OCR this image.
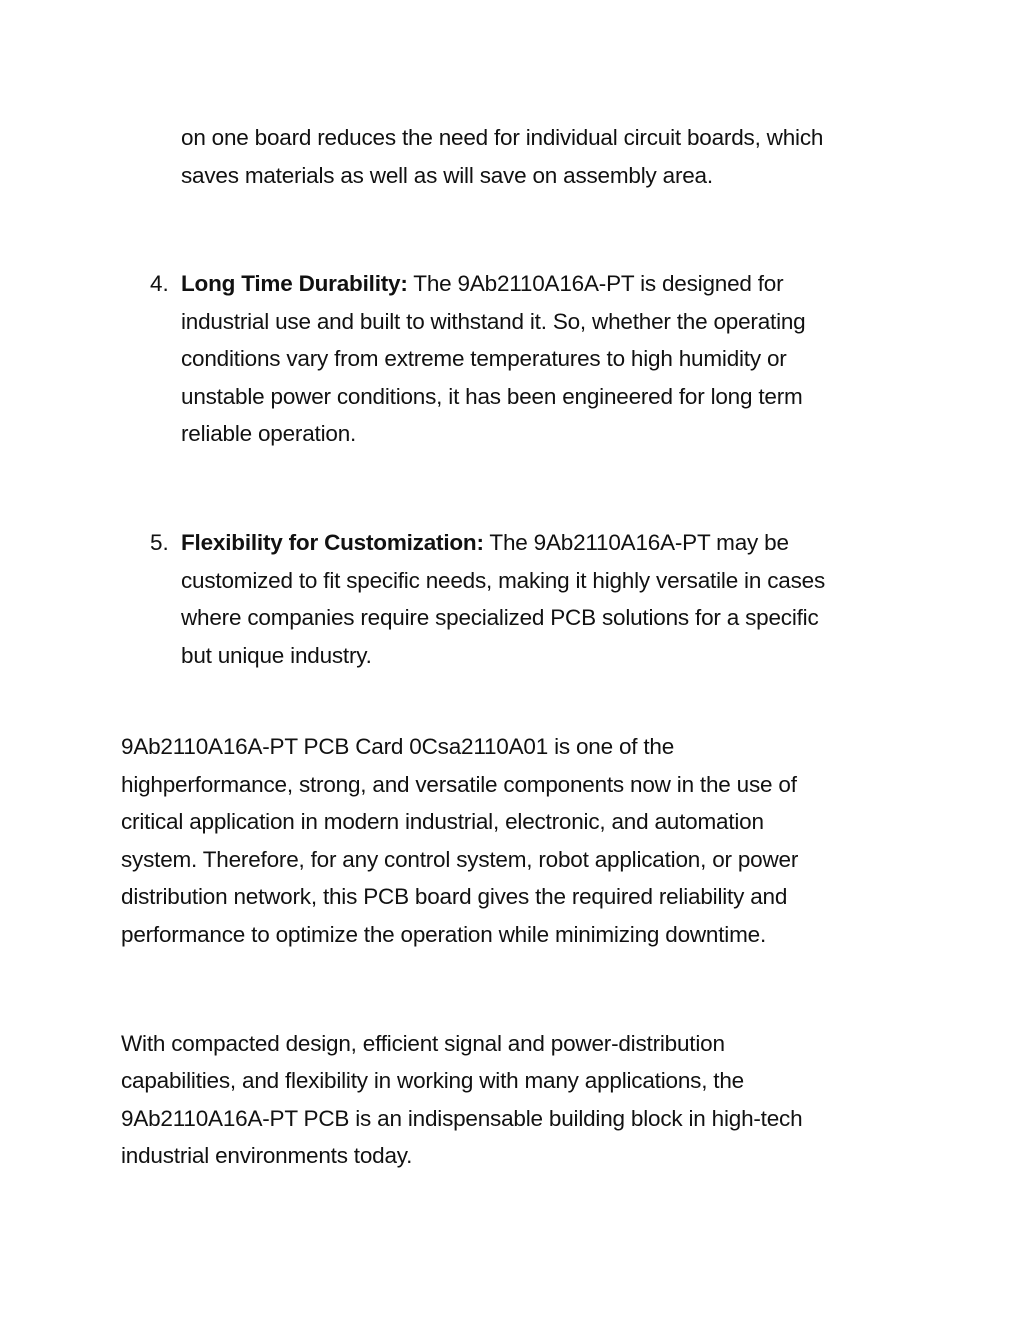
on one board reduces the need for individual circuit boards, which
saves materials as well as will save on assembly area.
4. Long Time Durability: The 9Ab2110A16A-PT is designed for
industrial use and built to withstand it. So, whether the operating
conditions vary from extreme temperatures to high humidity or
unstable power conditions, it has been engineered for long term
reliable operation.
5. Flexibility for Customization: The 9Ab2110A16A-PT may be
customized to fit specific needs, making it highly versatile in cases
where companies require specialized PCB solutions for a specific
but unique industry.
9Ab2110A16A-PT PCB Card 0Csa2110A01 is one of the
highperformance, strong, and versatile components now in the use of
critical application in modern industrial, electronic, and automation
system. Therefore, for any control system, robot application, or power
distribution network, this PCB board gives the required reliability and
performance to optimize the operation while minimizing downtime.
With compacted design, efficient signal and power-distribution
capabilities, and flexibility in working with many applications, the
9Ab2110A16A-PT PCB is an indispensable building block in high-tech
industrial environments today.
